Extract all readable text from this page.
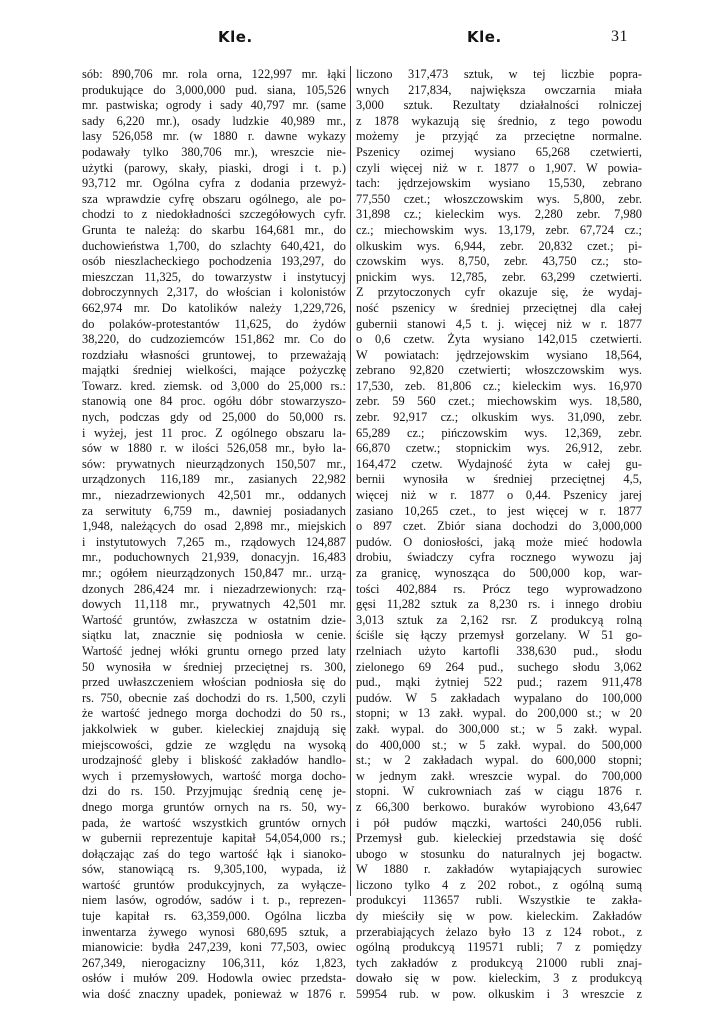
Kle.	Kle.	31
sób: 890,706 mr. rola orna, 122,997 mr. łąki
produkujące do 3,000,000 pud. siana, 105,526
mr. pastwiska; ogrody i sady 40,797 mr. (same
sady 6,220 mr.), osady ludzkie 40,989 mr.,
lasy 526,058 mr. (w 1880 r. dawne wykazy
podawały tylko 380,706 mr.), wreszcie nie-
użytki (parowy, skały, piaski, drogi i t. p.)
93,712 mr. Ogólna cyfra z dodania przewyż-
sza wprawdzie cyfrę obszaru ogólnego, ale po-
chodzi to z niedokładności szczegółowych cyfr.
Grunta te należą: do skarbu 164,681 mr., do
duchowieństwa 1,700, do szlachty 640,421, do
osób nieszlacheckiego pochodzenia 193,297, do
mieszczan 11,325, do towarzystw i instytucyj
dobroczynnych 2,317, do włościan i kolonistów
662,974 mr. Do katolików należy 1,229,726,
do polaków-protestantów 11,625, do żydów
38,220, do cudzoziemców 151,862 mr. Co do
rozdziału własności gruntowej, to przeważają
majątki średniej wielkości, mające pożyczkę
Towarz. kred. ziemsk. od 3,000 do 25,000 rs.:
stanowią one 84 proc. ogółu dóbr stowarzyszo-
nych, podczas gdy od 25,000 do 50,000 rs.
i wyżej, jest 11 proc. Z ogólnego obszaru la-
sów w 1880 r. w ilości 526,058 mr., było la-
sów: prywatnych nieurządzonych 150,507 mr.,
urządzonych 116,189 mr., zasianych 22,982
mr., niezadrzewionych 42,501 mr., oddanych
za serwituty 6,759 m., dawniej posiadanych
1,948, należących do osad 2,898 mr., miejskich
i instytutowych 7,265 m., rządowych 124,887
mr., poduchownych 21,939, donacyjn. 16,483
mr.; ogółem nieurządzonych 150,847 mr.. urzą-
dzonych 286,424 mr. i niezadrzewionych: rzą-
dowych 11,118 mr., prywatnych 42,501 mr.
Wartość gruntów, zwłaszcza w ostatnim dzie-
siątku lat, znacznie się podniosła w cenie.
Wartość jednej włóki gruntu ornego przed laty
50 wynosiła w średniej przeciętnej rs. 300,
przed uwłaszczeniem włościan podniosła się do
rs. 750, obecnie zaś dochodzi do rs. 1,500, czyli
że wartość jednego morga dochodzi do 50 rs.,
jakkolwiek w guber. kieleckiej znajdują się
miejscowości, gdzie ze względu na wysoką
urodzajność gleby i bliskość zakładów handlo-
wych i przemysłowych, wartość morga docho-
dzi do rs. 150. Przyjmując średnią cenę je-
dnego morga gruntów ornych na rs. 50, wy-
pada, że wartość wszystkich gruntów ornych
w gubernii reprezentuje kapitał 54,054,000 rs.;
dołączając zaś do tego wartość łąk i sianoko-
sów, stanowiącą rs. 9,305,100, wypada, iż
wartość gruntów produkcyjnych, za wyłącze-
niem lasów, ogrodów, sadów i t. p., reprezen-
tuje kapitał rs. 63,359,000. Ogólna liczba
inwentarza żywego wynosi 680,695 sztuk, a
mianowicie: bydła 247,239, koni 77,503, owiec
267,349, nierogacizny 106,311, kóz 1,823,
osłów i mułów 209. Hodowla owiec przedsta-
wia dość znaczny upadek, ponieważ w 1876 r.
liczono 317,473 sztuk, w tej liczbie popra-
wnych 217,834, największa owczarnia miała
3,000 sztuk. Rezultaty działalności rolniczej
z 1878 wykazują się średnio, z tego powodu
możemy je przyjąć za przeciętne normalne.
Pszenicy ozimej wysiano 65,268 czetwierti,
czyli więcej niż w r. 1877 o 1,907. W powia-
tach: jędrzejowskim wysiano 15,530, zebrano
77,550 czet.; włoszczowskim wys. 5,800, zebr.
31,898 cz.; kieleckim wys. 2,280 zebr. 7,980
cz.; miechowskim wys. 13,179, zebr. 67,724 cz.;
olkuskim wys. 6,944, zebr. 20,832 czet.; pi-
czowskim wys. 8,750, zebr. 43,750 cz.; sto-
pnickim wys. 12,785, zebr. 63,299 czetwierti.
Z przytoczonych cyfr okazuje się, że wydaj-
ność pszenicy w średniej przeciętnej dla całej
gubernii stanowi 4,5 t. j. więcej niż w r. 1877
o 0,6 czetw. Żyta wysiano 142,015 czetwierti.
W powiatach: jędrzejowskim wysiano 18,564,
zebrano 92,820 czetwierti; włoszczowskim wys.
17,530, zeb. 81,806 cz.; kieleckim wys. 16,970
zebr. 59 560 czet.; miechowskim wys. 18,580,
zebr. 92,917 cz.; olkuskim wys. 31,090, zebr.
65,289 cz.; pińczowskim wys. 12,369, zebr.
66,870 czetw.; stopnickim wys. 26,912, zebr.
164,472 czetw. Wydajność żyta w całej gu-
bernii wynosiła w średniej przeciętnej 4,5,
więcej niż w r. 1877 o 0,44. Pszenicy jarej
zasiano 10,265 czet., to jest więcej w r. 1877
o 897 czet. Zbiór siana dochodzi do 3,000,000
pudów. O doniosłości, jaką może mieć hodowla
drobiu, świadczy cyfra rocznego wywozu jaj
za granicę, wynosząca do 500,000 kop, war-
tości 402,884 rs. Prócz tego wyprowadzono
gęsi 11,282 sztuk za 8,230 rs. i innego drobiu
3,013 sztuk za 2,162 rsr. Z produkcyą rolną
ściśle się łączy przemysł gorzelany. W 51 go-
rzelniach użyto kartofli 338,630 pud., słodu
zielonego 69 264 pud., suchego słodu 3,062
pud., mąki żytniej 522 pud.; razem 911,478
pudów. W 5 zakładach wypalano do 100,000
stopni; w 13 zakł. wypal. do 200,000 st.; w 20
zakł. wypal. do 300,000 st.; w 5 zakł. wypal.
do 400,000 st.; w 5 zakł. wypal. do 500,000
st.; w 2 zakładach wypal. do 600,000 stopni;
w jednym zakł. wreszcie wypal. do 700,000
stopni. W cukrowniach zaś w ciągu 1876 r.
z 66,300 berkowo. buraków wyrobiono 43,647
i pół pudów mączki, wartości 240,056 rubli.
Przemysł gub. kieleckiej przedstawia się dość
ubogo w stosunku do naturalnych jej bogactw.
W 1880 r. zakładów wytapiających surowiec
liczono tylko 4 z 202 robot., z ogólną sumą
produkcyi 113657 rubli. Wszystkie te zakła-
dy mieściły się w pow. kieleckim. Zakładów
przerabiających żelazo było 13 z 124 robot., z
ogólną produkcyą 119571 rubli; 7 z pomiędzy
tych zakładów z produkcyą 21000 rubli znaj-
dowało się w pow. kieleckim, 3 z produkcyą
59954 rub. w pow. olkuskim i 3 wreszcie z
